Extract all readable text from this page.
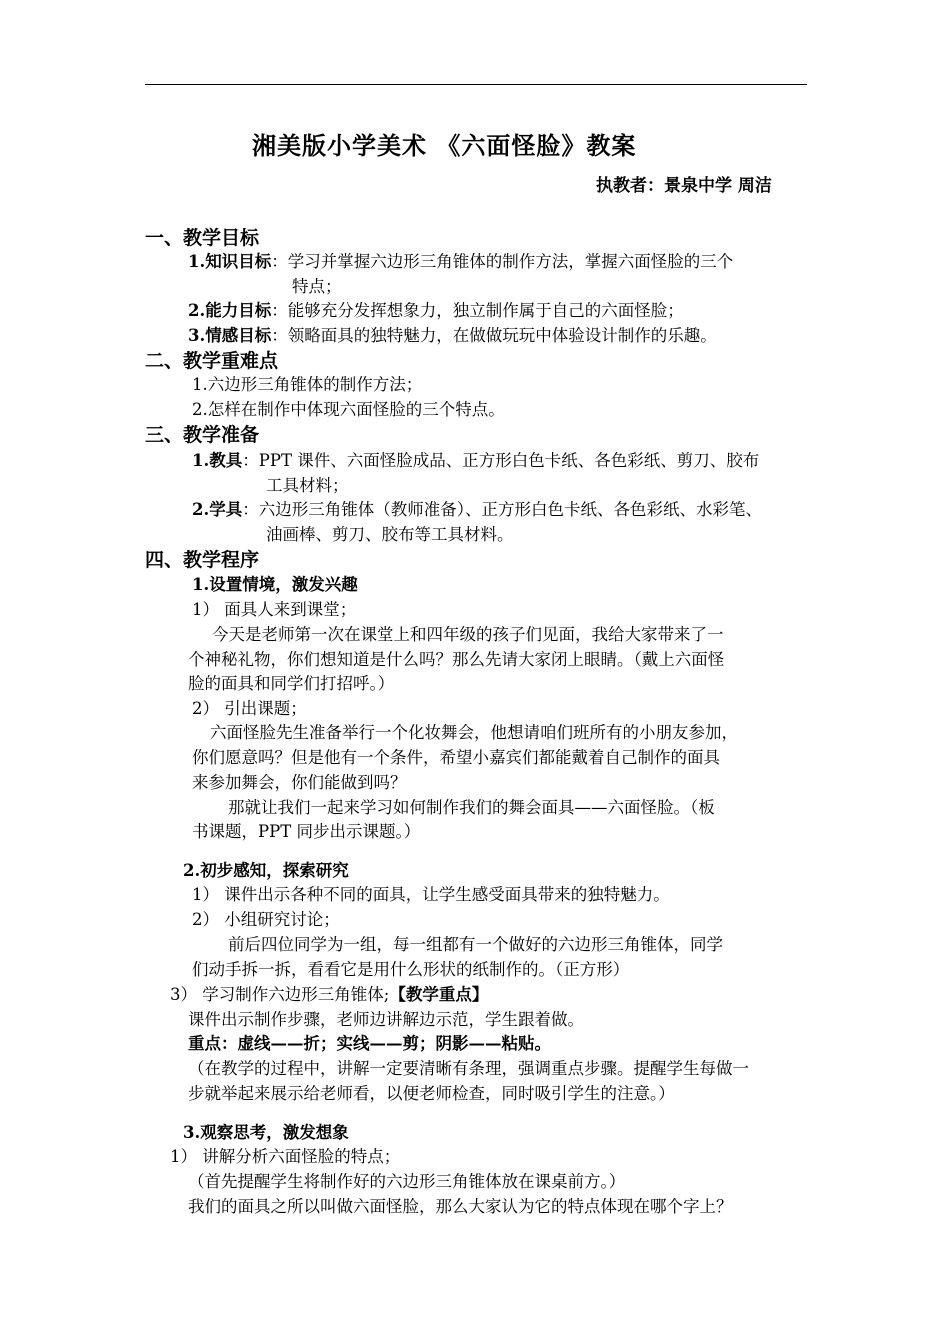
湘美版小学美术 《六面怪脸》教案
执教者：景泉中学 周洁
一、教学目标
1.知识目标：学习并掌握六边形三角锥体的制作方法，掌握六面怪脸的三个
特点；
2.能力目标：能够充分发挥想象力，独立制作属于自己的六面怪脸；
3.情感目标：领略面具的独特魅力，在做做玩玩中体验设计制作的乐趣。
二、教学重难点
1.六边形三角锥体的制作方法；
2.怎样在制作中体现六面怪脸的三个特点。
三、教学准备
1.教具：PPT 课件、六面怪脸成品、正方形白色卡纸、各色彩纸、剪刀、胶布
工具材料；
2.学具：六边形三角锥体（教师准备）、正方形白色卡纸、各色彩纸、水彩笔、
油画棒、剪刀、胶布等工具材料。
四、教学程序
1.设置情境，激发兴趣
1） 面具人来到课堂；
今天是老师第一次在课堂上和四年级的孩子们见面，我给大家带来了一
个神秘礼物，你们想知道是什么吗？那么先请大家闭上眼睛。（戴上六面怪
脸的面具和同学们打招呼。）
2） 引出课题；
六面怪脸先生准备举行一个化妆舞会，他想请咱们班所有的小朋友参加，
你们愿意吗？但是他有一个条件，希望小嘉宾们都能戴着自己制作的面具
来参加舞会，你们能做到吗？
那就让我们一起来学习如何制作我们的舞会面具——六面怪脸。（板
书课题，PPT 同步出示课题。）
2.初步感知，探索研究
1） 课件出示各种不同的面具，让学生感受面具带来的独特魅力。
2） 小组研究讨论；
前后四位同学为一组，每一组都有一个做好的六边形三角锥体，同学
们动手拆一拆，看看它是用什么形状的纸制作的。（正方形）
3） 学习制作六边形三角锥体;【教学重点】
课件出示制作步骤，老师边讲解边示范，学生跟着做。
重点：虚线——折；实线——剪；阴影——粘贴。
（在教学的过程中，讲解一定要清晰有条理，强调重点步骤。提醒学生每做一
步就举起来展示给老师看，以便老师检查，同时吸引学生的注意。）
3.观察思考，激发想象
1） 讲解分析六面怪脸的特点；
（首先提醒学生将制作好的六边形三角锥体放在课桌前方。）
我们的面具之所以叫做六面怪脸，那么大家认为它的特点体现在哪个字上？
